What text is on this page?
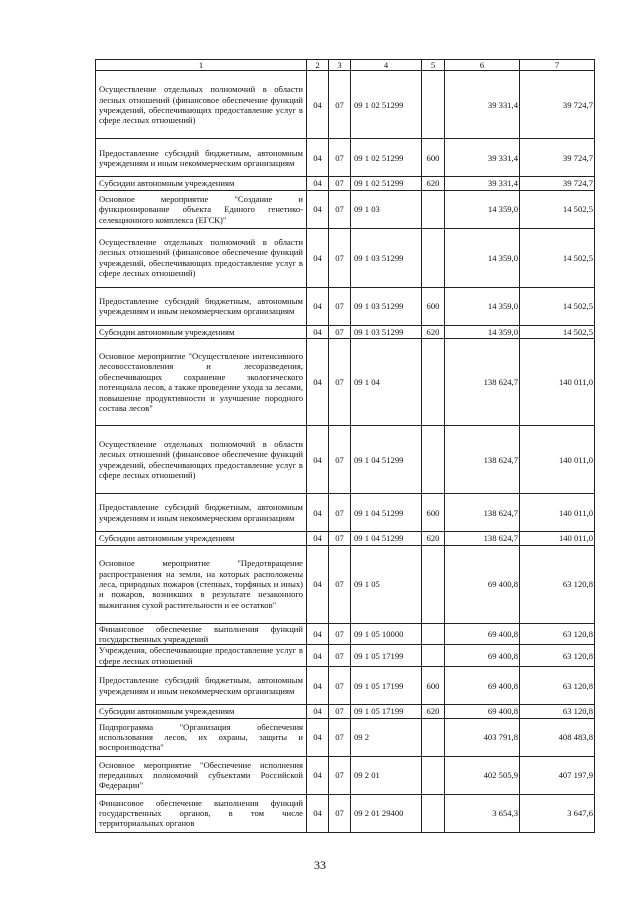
1	2	3	4	5	6	7
Осуществление отдельных полномочий в области лесных отношений (финансовое обеспечение функций учреждений, обеспечивающих предоставление услуг в сфере лесных отношений)	04	07	09 1 02 51299		39 331,4	39 724,7
Предоставление субсидий бюджетным, автономным учреждениям и иным некоммерческим организациям	04	07	09 1 02 51299	600	39 331,4	39 724,7
Субсидии автономным учреждениям	04	07	09 1 02 51299	620	39 331,4	39 724,7
Основное мероприятие "Создание и функционирование объекта Единого генетико-селекционного комплекса (ЕГСК)"	04	07	09 1 03		14 359,0	14 502,5
Осуществление отдельных полномочий в области лесных отношений (финансовое обеспечение функций учреждений, обеспечивающих предоставление услуг в сфере лесных отношений)	04	07	09 1 03 51299		14 359,0	14 502,5
Предоставление субсидий бюджетным, автономным учреждениям и иным некоммерческим организациям	04	07	09 1 03 51299	600	14 359,0	14 502,5
Субсидии автономным учреждениям	04	07	09 1 03 51299	620	14 359,0	14 502,5
Основное мероприятие "Осуществление интенсивного лесовосстановления и лесоразведения, обеспечивающих сохранение экологического потенциала лесов, а также проведение ухода за лесами, повышение продуктивности и улучшение породного состава лесов"	04	07	09 1 04		138 624,7	140 011,0
Осуществление отдельных полномочий в области лесных отношений (финансовое обеспечение функций учреждений, обеспечивающих предоставление услуг в сфере лесных отношений)	04	07	09 1 04 51299		138 624,7	140 011,0
Предоставление субсидий бюджетным, автономным учреждениям и иным некоммерческим организациям	04	07	09 1 04 51299	600	138 624,7	140 011,0
Субсидии автономным учреждениям	04	07	09 1 04 51299	620	138 624,7	140 011,0
Основное мероприятие "Предотвращение распространения на земли, на которых расположены леса, природных пожаров (степных, торфяных и иных) и пожаров, возникших в результате незаконного выжигания сухой растительности и ее остатков"	04	07	09 1 05		69 400,8	63 120,8
Финансовое обеспечение выполнения функций государственных учреждений	04	07	09 1 05 10000		69 400,8	63 120,8
Учреждения, обеспечивающие предоставление услуг в сфере лесных отношений	04	07	09 1 05 17199		69 400,8	63 120,8
Предоставление субсидий бюджетным, автономным учреждениям и иным некоммерческим организациям	04	07	09 1 05 17199	600	69 400,8	63 120,8
Субсидии автономным учреждениям	04	07	09 1 05 17199	620	69 400,8	63 120,8
Подпрограмма "Организация обеспечения использования лесов, их охраны, защиты и воспроизводства"	04	07	09 2		403 791,8	408 483,8
Основное мероприятие "Обеспечение исполнения переданных полномочий субъектами Российской Федерации"	04	07	09 2 01		402 505,9	407 197,9
Финансовое обеспечение выполнения функций государственных органов, в том числе территориальных органов	04	07	09 2 01 29400		3 654,3	3 647,6
33
